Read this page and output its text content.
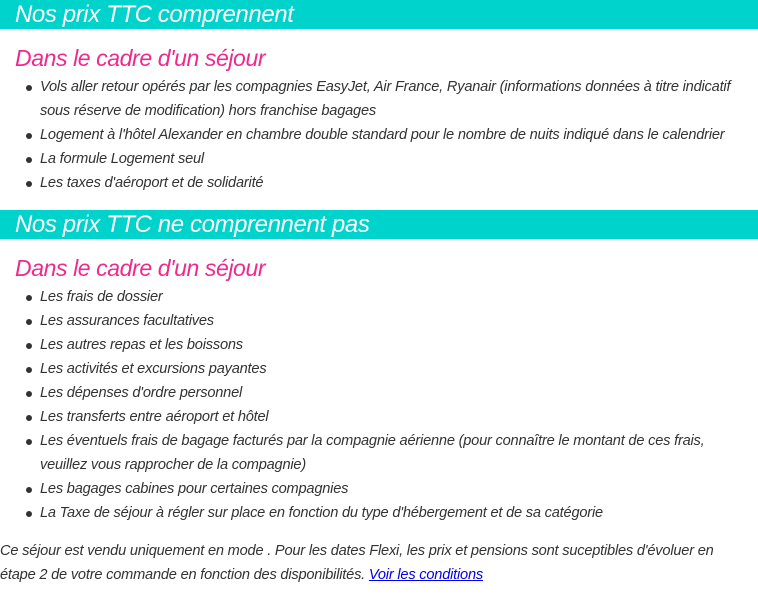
Nos prix TTC comprennent
Dans le cadre d'un séjour
Vols aller retour opérés par les compagnies EasyJet, Air France, Ryanair (informations données à titre indicatif sous réserve de modification) hors franchise bagages
Logement à l'hôtel Alexander en chambre double standard pour le nombre de nuits indiqué dans le calendrier
La formule Logement seul
Les taxes d'aéroport et de solidarité
Nos prix TTC ne comprennent pas
Dans le cadre d'un séjour
Les frais de dossier
Les assurances facultatives
Les autres repas et les boissons
Les activités et excursions payantes
Les dépenses d'ordre personnel
Les transferts entre aéroport et hôtel
Les éventuels frais de bagage facturés par la compagnie aérienne (pour connaître le montant de ces frais, veuillez vous rapprocher de la compagnie)
Les bagages cabines pour certaines compagnies
La Taxe de séjour à régler sur place en fonction du type d'hébergement et de sa catégorie
Ce séjour est vendu uniquement en mode . Pour les dates Flexi, les prix et pensions sont suceptibles d'évoluer en étape 2 de votre commande en fonction des disponibilités. Voir les conditions
